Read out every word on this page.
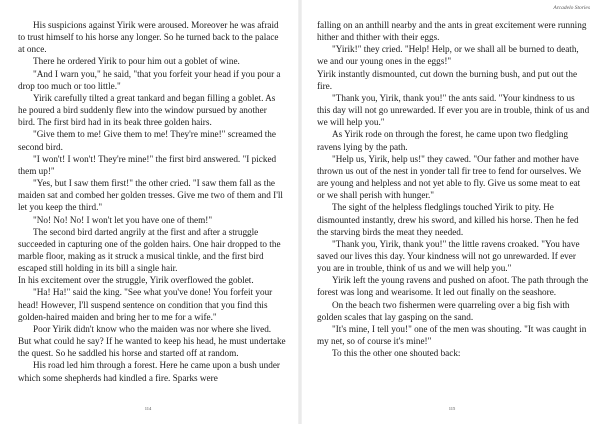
His suspicions against Yirik were aroused. Moreover he was afraid to trust himself to his horse any longer. So he turned back to the palace at once.

There he ordered Yirik to pour him out a goblet of wine.

"And I warn you," he said, "that you forfeit your head if you pour a drop too much or too little."

Yirik carefully tilted a great tankard and began filling a goblet. As he poured a bird suddenly flew into the window pursued by another bird. The first bird had in its beak three golden hairs.

"Give them to me! Give them to me! They're mine!" screamed the second bird.

"I won't! I won't! They're mine!" the first bird answered. "I picked them up!"

"Yes, but I saw them first!" the other cried. "I saw them fall as the maiden sat and combed her golden tresses. Give me two of them and I'll let you keep the third."

"No! No! No! I won't let you have one of them!"

The second bird darted angrily at the first and after a struggle succeeded in capturing one of the golden hairs. One hair dropped to the marble floor, making as it struck a musical tinkle, and the first bird escaped still holding in its bill a single hair.

In his excitement over the struggle, Yirik overflowed the goblet.

"Ha! Ha!" said the king. "See what you've done! You forfeit your head! However, I'll suspend sentence on condition that you find this golden-haired maiden and bring her to me for a wife."

Poor Yirik didn't know who the maiden was nor where she lived. But what could he say? If he wanted to keep his head, he must undertake the quest. So he saddled his horse and started off at random.

His road led him through a forest. Here he came upon a bush under which some shepherds had kindled a fire. Sparks were

114
Arcadelo Stories

falling on an anthill nearby and the ants in great excitement were running hither and thither with their eggs.

"Yirik!" they cried. "Help! Help, or we shall all be burned to death, we and our young ones in the eggs!"

Yirik instantly dismounted, cut down the burning bush, and put out the fire.

"Thank you, Yirik, thank you!" the ants said. "Your kindness to us this day will not go unrewarded. If ever you are in trouble, think of us and we will help you."

As Yirik rode on through the forest, he came upon two fledgling ravens lying by the path.

"Help us, Yirik, help us!" they cawed. "Our father and mother have thrown us out of the nest in yonder tall fir tree to fend for ourselves. We are young and helpless and not yet able to fly. Give us some meat to eat or we shall perish with hunger."

The sight of the helpless fledglings touched Yirik to pity. He dismounted instantly, drew his sword, and killed his horse. Then he fed the starving birds the meat they needed.

"Thank you, Yirik, thank you!" the little ravens croaked. "You have saved our lives this day. Your kindness will not go unrewarded. If ever you are in trouble, think of us and we will help you."

Yirik left the young ravens and pushed on afoot. The path through the forest was long and wearisome. It led out finally on the seashore.

On the beach two fishermen were quarreling over a big fish with golden scales that lay gasping on the sand.

"It's mine, I tell you!" one of the men was shouting. "It was caught in my net, so of course it's mine!"

To this the other one shouted back:

115
